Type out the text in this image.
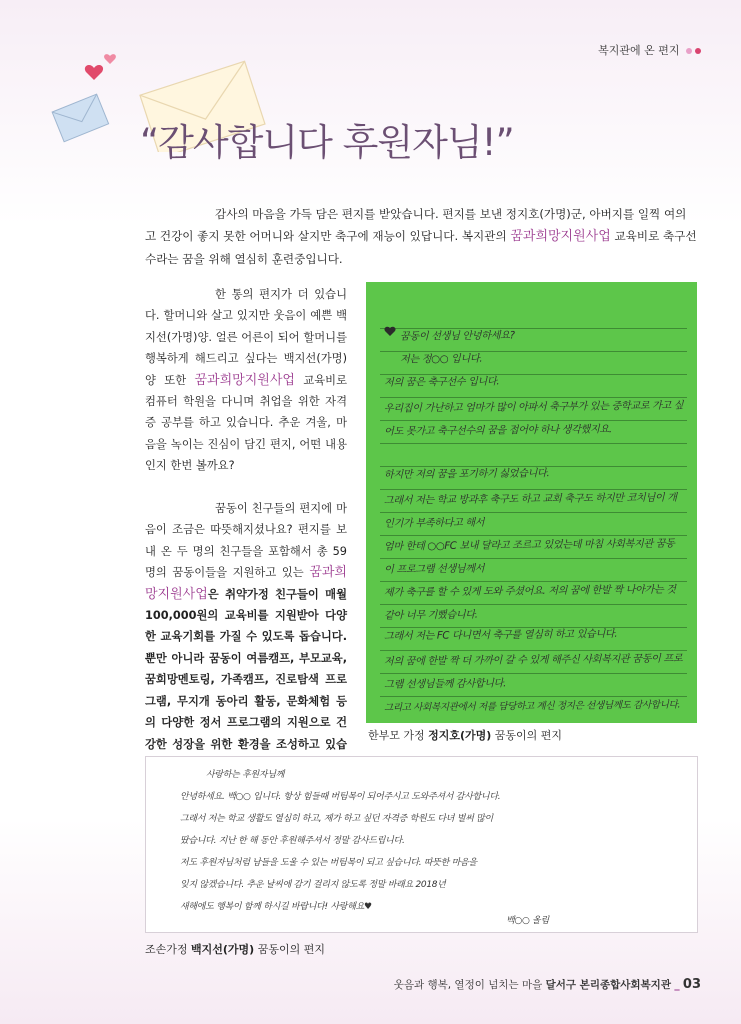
복지관에 온 편지
“감사합니다 후원자님!”
감사의 마음을 가득 담은 편지를 받았습니다. 편지를 보낸 정지호(가명)군, 아버지를 일찍 여의고 건강이 좋지 못한 어머니와 살지만 축구에 재능이 있답니다. 복지관의 꿈과희망지원사업 교육비로 축구선수라는 꿈을 위해 열심히 훈련중입니다.

한 통의 편지가 더 있습니다. 할머니와 살고 있지만 웃음이 예쁜 백지선(가명)양. 얼른 어른이 되어 할머니를 행복하게 해드리고 싶다는 백지선(가명)양 또한 꿈과희망지원사업 교육비로 컴퓨터 학원을 다니며 취업을 위한 자격증 공부를 하고 있습니다. 추운 겨울, 마음을 녹이는 진심이 담긴 편지, 어떤 내용인지 한번 볼까요?

꿈동이 친구들의 편지에 마음이 조금은 따뜻해지셨나요? 편지를 보내 온 두 명의 친구들을 포함해서 총 59명의 꿈동이들을 지원하고 있는 꿈과희망지원사업은 취약가정 친구들이 매월 100,000원의 교육비를 지원받아 다양한 교육기회를 가질 수 있도록 돕습니다. 뿐만 아니라 꿈동이 여름캠프, 부모교육, 꿈희망멘토링, 가족캠프, 진로탐색 프로그램, 무지개 동아리 활동, 문화체험 등의 다양한 정서 프로그램의 지원으로 건강한 성장을 위한 환경을 조성하고 있습

꿈동이 선생님 안녕하세요?
저는 정○○ 입니다.
저의 꿈은 축구선수 입니다.
우리집이 가난하고 엄마가 많이 아파서 축구부가 있는 중학교로 가고 싶어도 못가고 축구선수의 꿈을 접어야 하나 생각했지요.
하지만 저의 꿈을 포기하기 싫었습니다.
그래서 저는 학교 방과후 축구도 하고 교회 축구도 하지만 코치님이 개인기가 부족하다고 해서
엄마 한테 ○○FC 보내 달라고 조르고 있었는데 마침 사회복지관 꿈동이 프로그램 선생님께서
제가 축구를 할 수 있게 도와 주셨어요. 저의 꿈에 한발 짝 나아가는 것 같아 너무 기뻤습니다.
그래서 저는 FC 다니면서 축구를 열심히 하고 있습니다.
저의 꿈에 한발 짝 더 가까이 갈 수 있게 해주신 사회복지관 꿈동이 프로그램 선생님들께 감사합니다.
그리고 사회복지관에서 저를 담당하고 계신 정지은 선생님께도 감사합니다.
한부모 가정 정지호(가명) 꿈동이의 편지
사랑하는 후원자님께
안녕하세요. 백○○ 입니다. 항상 힘들때 버팀목이 되어주시고 도와주셔서 감사합니다.
그래서 저는 학교 생활도 열심히 하고, 제가 하고 싶던 자격증 학원도 다녀 벌써 많이
땄습니다. 지난 한 해 동안 후원해주셔서 정말 감사드립니다.
저도 후원자님처럼 남들을 도울 수 있는 버팀목이 되고 싶습니다. 따뜻한 마음을
잊지 않겠습니다. 추운 날씨에 감기 걸리지 않도록 정말 바래요 2018년
새해에도 행복이 함께 하시길 바랍니다! 사랑해요♥
백○○ 올림
조손가정 백지선(가명) 꿈동이의 편지
웃음과 행복, 열정이 넘치는 마을 달서구 본리종합사회복지관 _ 03
